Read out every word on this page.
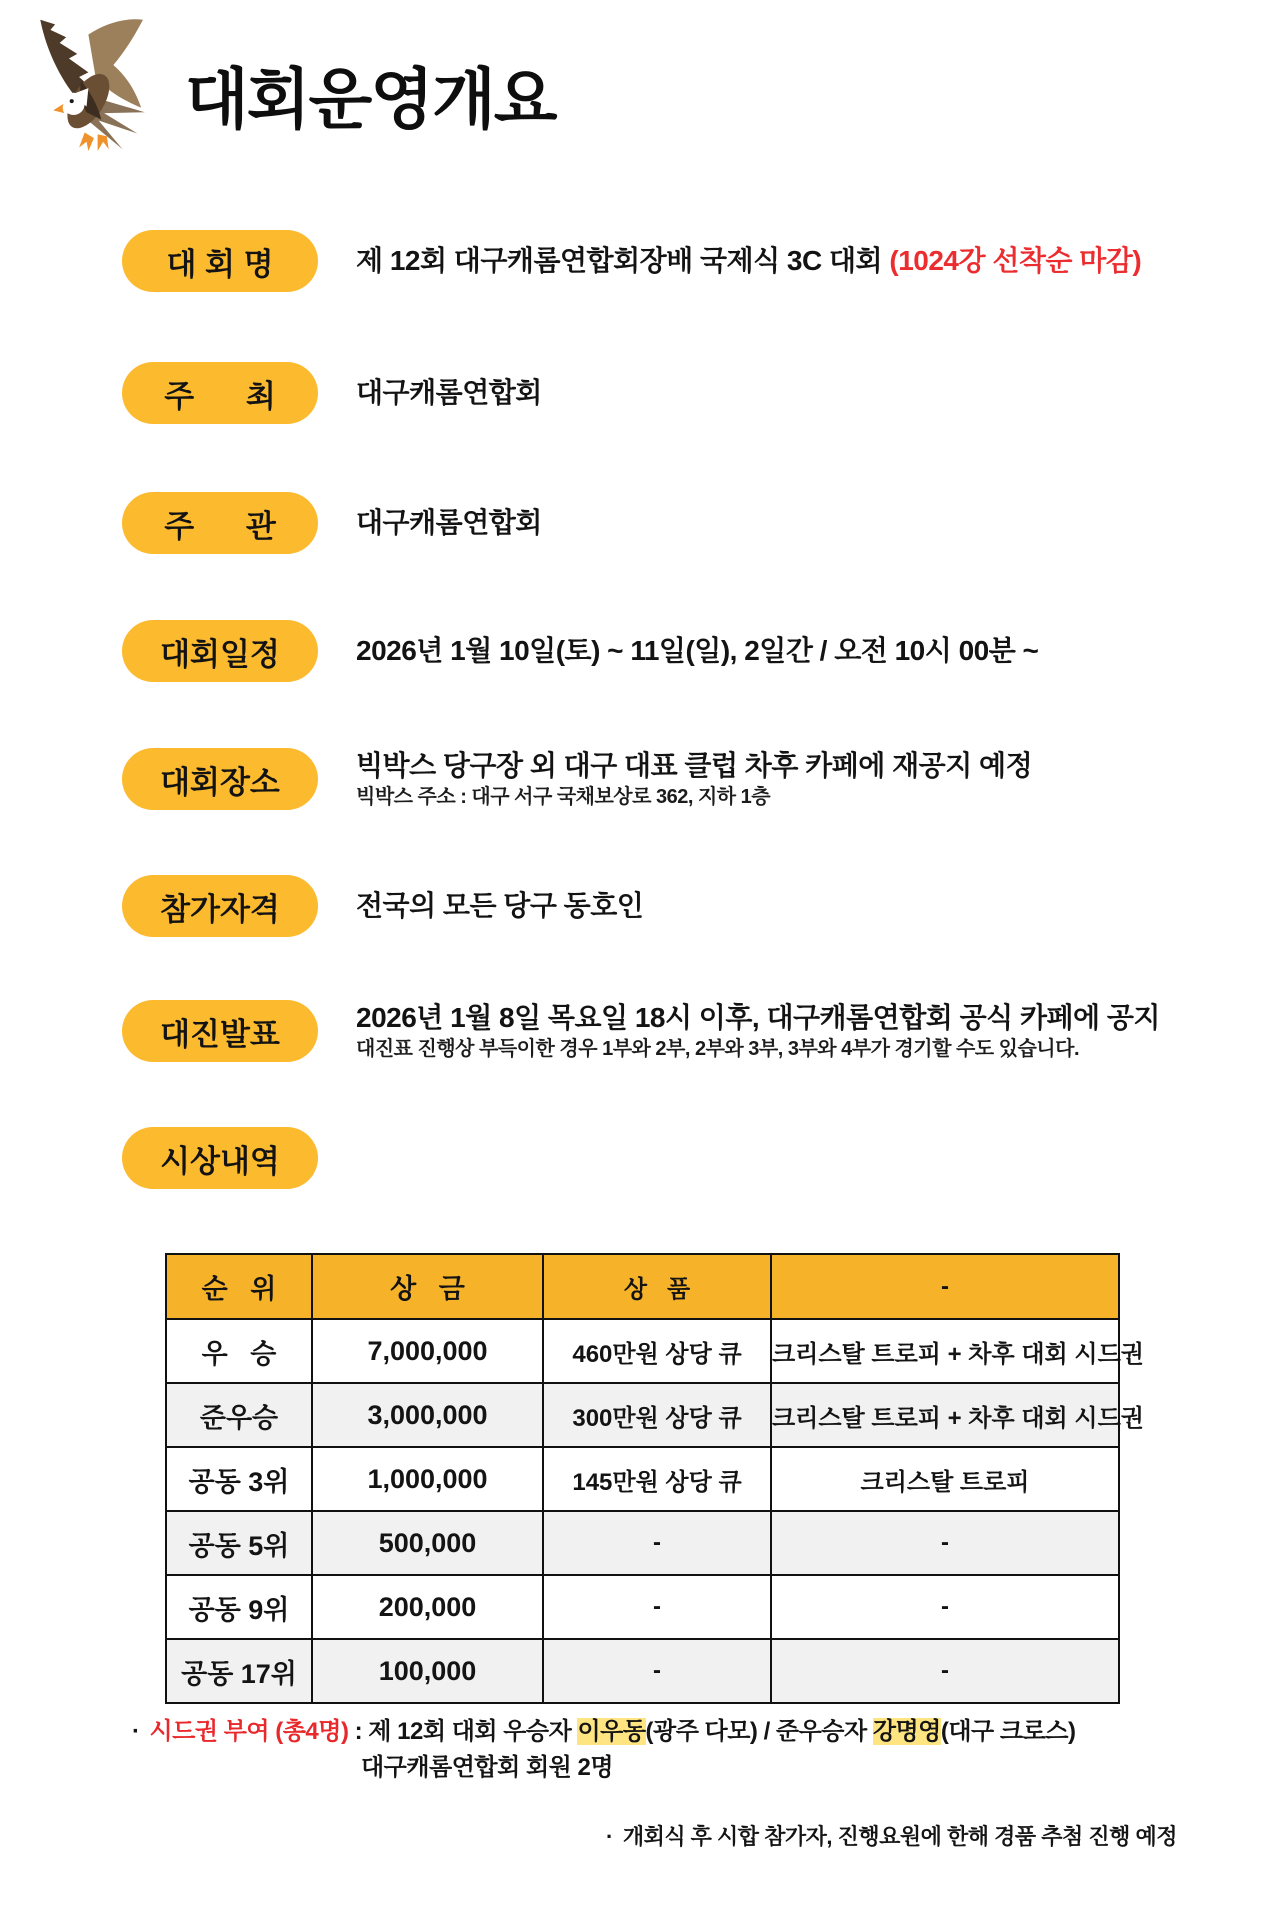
대회운영개요
대 회 명	제 12회 대구캐롬연합회장배 국제식 3C 대회 (1024강 선착순 마감)
주      최	대구캐롬연합회
주      관	대구캐롬연합회
대회일정	2026년 1월 10일(토) ~ 11일(일), 2일간 / 오전 10시 00분 ~
대회장소	빅박스 당구장 외 대구 대표 클럽 차후 카페에 재공지 예정
빅박스 주소 : 대구 서구 국채보상로 362, 지하 1층
참가자격	전국의 모든 당구 동호인
대진발표	2026년 1월 8일 목요일 18시 이후, 대구캐롬연합회 공식 카페에 공지
대진표 진행상 부득이한 경우 1부와 2부, 2부와 3부, 3부와 4부가 경기할 수도 있습니다.
시상내역
순   위	상   금	상   품	-
우   승	7,000,000	460만원 상당 큐	크리스탈 트로피 + 차후 대회 시드권
준우승	3,000,000	300만원 상당 큐	크리스탈 트로피 + 차후 대회 시드권
공동 3위	1,000,000	145만원 상당 큐	크리스탈 트로피
공동 5위	500,000	-	-
공동 9위	200,000	-	-
공동 17위	100,000	-	-
· 시드권 부여 (총4명) : 제 12회 대회 우승자 이우동(광주 다모) / 준우승자 강명영(대구 크로스)
대구캐롬연합회 회원 2명
· 개회식 후 시합 참가자, 진행요원에 한해 경품 추첨 진행 예정
